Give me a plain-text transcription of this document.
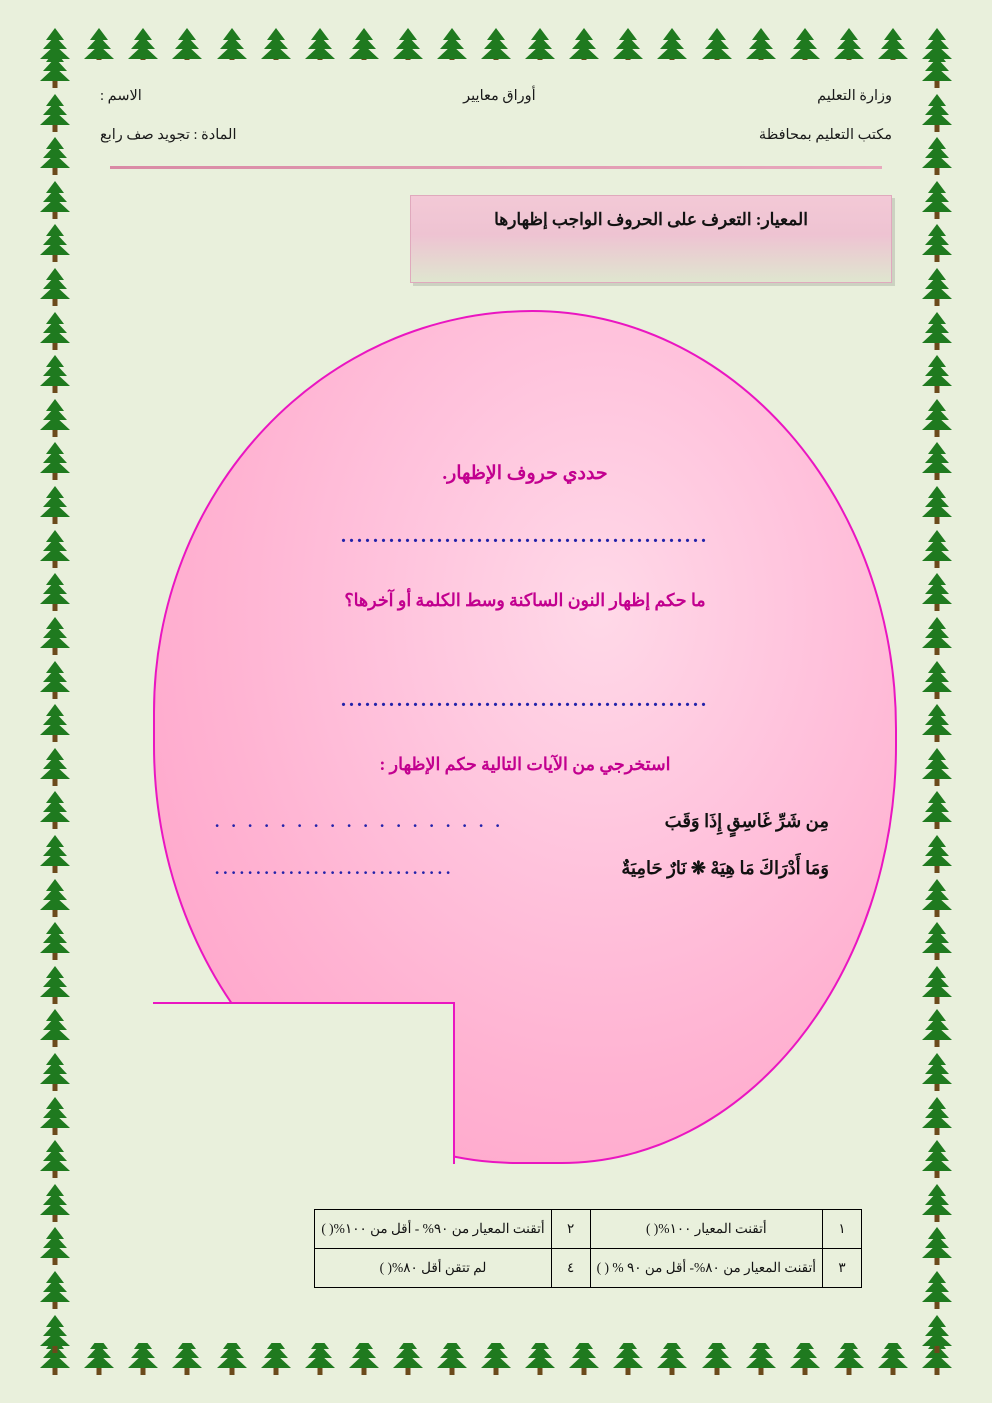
وزارة التعليم
أوراق معايير
الاسم :
مكتب التعليم بمحافظة
المادة : تجويد صف رابع
المعيار: التعرف على الحروف الواجب إظهارها
حددي حروف الإظهار.
..............................................
ما حكم إظهار النون الساكنة وسط الكلمة أو آخرها؟
..............................................
استخرجي من الآيات التالية حكم الإظهار :
مِن شَرِّ غَاسِقٍ إِذَا وَقَبَ
. . . . . . . . . . . . . . . . . .
وَمَا أَدْرَاكَ مَا هِيَهْ ❋ نَارٌ حَامِيَةٌ
.............................
١	أتقنت المعيار ١٠٠%( )	٢	أتقنت المعيار من ٩٠% - أقل من ١٠٠%( )
٣	أتقنت المعيار من ٨٠%- أقل من ٩٠ % ( )	٤	لم تتقن أقل ٨٠%( )
